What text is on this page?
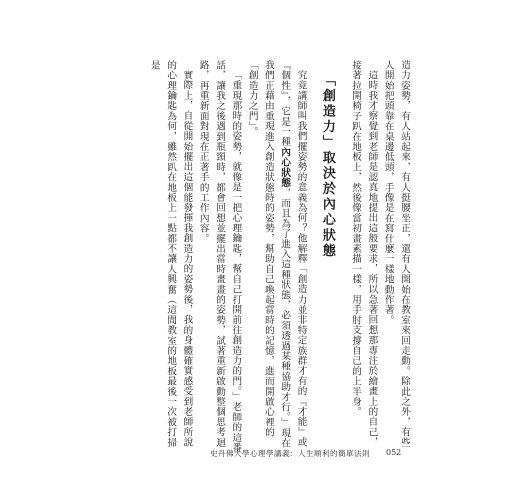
造力姿勢，有人站起來，有人挺腰坐正，還有人開始在教室來回走動。除此之外，有些人開始把頭靠在桌邊低頭，手像是在寫什麼一樣地動作著。

這時我才察覺到老師是認真地提出這般要求，所以急著回想那專注於繪畫上的自己，接著拉開椅子趴在地板上，然後像當初畫素描一樣，用手肘支撐自己的上半身。

「創造力」取決於內心狀態

究竟講師叫我們擺姿勢的意義為何？他解釋「創造力並非特定族群才有的『才能』或『個性』，它是一種內心狀態，而且為了進入這種狀態，必須透過某種協助才行。」現在我們正藉由重現進入創造狀態時的姿勢，幫助自己喚起當時的記憶，進而開啟心裡的「創造力之門」。

「重現那時的姿勢，就像是一把心理鑰匙，幫自己打開前往創造力的門。」老師的這番話，讓我之後遇到瓶頸時，都會回想並擺出當時畫畫的姿勢，試著重新啟動整個思考迴路，再重新面對現在正著手的工作內容。

實際上，自從開始擺出這個能發揮我創造力的姿勢後，我的身體確實感受到老師所說的心理鑰匙為何，雖然趴在地板上一點都不讓人興奮（這間教室的地板最後一次被打掃是

史丹佛大學心理學講義：人生順利的簡單法則 052
